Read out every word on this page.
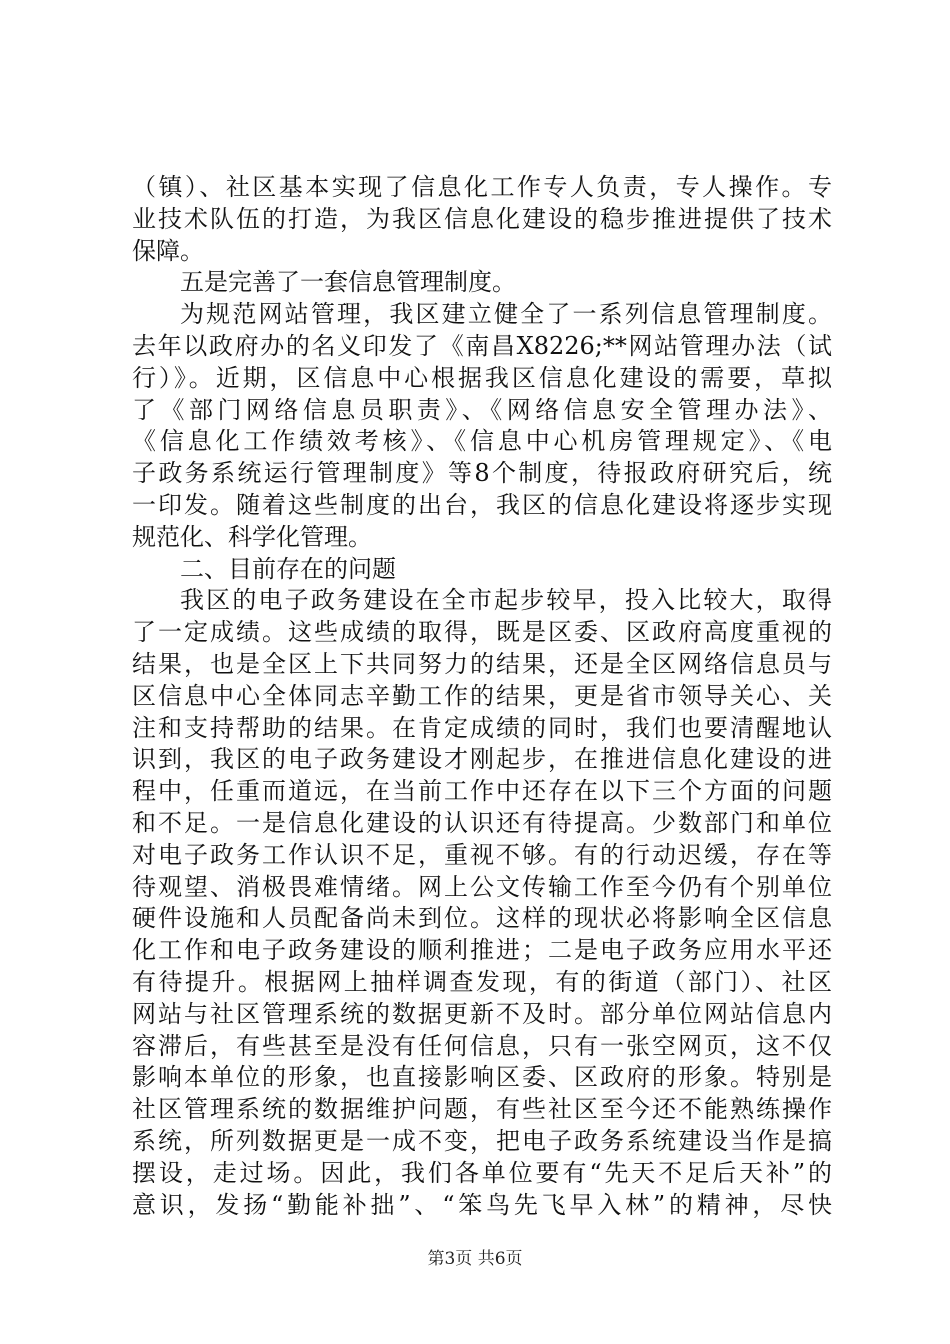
（镇）、社区基本实现了信息化工作专人负责，专人操作。专
业技术队伍的打造，为我区信息化建设的稳步推进提供了技术
保障。
五是完善了一套信息管理制度。
为规范网站管理，我区建立健全了一系列信息管理制度。
去年以政府办的名义印发了《南昌X8226;**网站管理办法（试
行）》。近期，区信息中心根据我区信息化建设的需要，草拟
了《部门网络信息员职责》、《网络信息安全管理办法》、
《信息化工作绩效考核》、《信息中心机房管理规定》、《电
子政务系统运行管理制度》等8个制度，待报政府研究后，统
一印发。随着这些制度的出台，我区的信息化建设将逐步实现
规范化、科学化管理。
二、目前存在的问题
我区的电子政务建设在全市起步较早，投入比较大，取得
了一定成绩。这些成绩的取得，既是区委、区政府高度重视的
结果，也是全区上下共同努力的结果，还是全区网络信息员与
区信息中心全体同志辛勤工作的结果，更是省市领导关心、关
注和支持帮助的结果。在肯定成绩的同时，我们也要清醒地认
识到，我区的电子政务建设才刚起步，在推进信息化建设的进
程中，任重而道远，在当前工作中还存在以下三个方面的问题
和不足。一是信息化建设的认识还有待提高。少数部门和单位
对电子政务工作认识不足，重视不够。有的行动迟缓，存在等
待观望、消极畏难情绪。网上公文传输工作至今仍有个别单位
硬件设施和人员配备尚未到位。这样的现状必将影响全区信息
化工作和电子政务建设的顺利推进；二是电子政务应用水平还
有待提升。根据网上抽样调查发现，有的街道（部门）、社区
网站与社区管理系统的数据更新不及时。部分单位网站信息内
容滞后，有些甚至是没有任何信息，只有一张空网页，这不仅
影响本单位的形象，也直接影响区委、区政府的形象。特别是
社区管理系统的数据维护问题，有些社区至今还不能熟练操作
系统，所列数据更是一成不变，把电子政务系统建设当作是搞
摆设，走过场。因此，我们各单位要有“先天不足后天补”的
意识，发扬“勤能补拙”、“笨鸟先飞早入林”的精神，尽快
第3页 共6页
